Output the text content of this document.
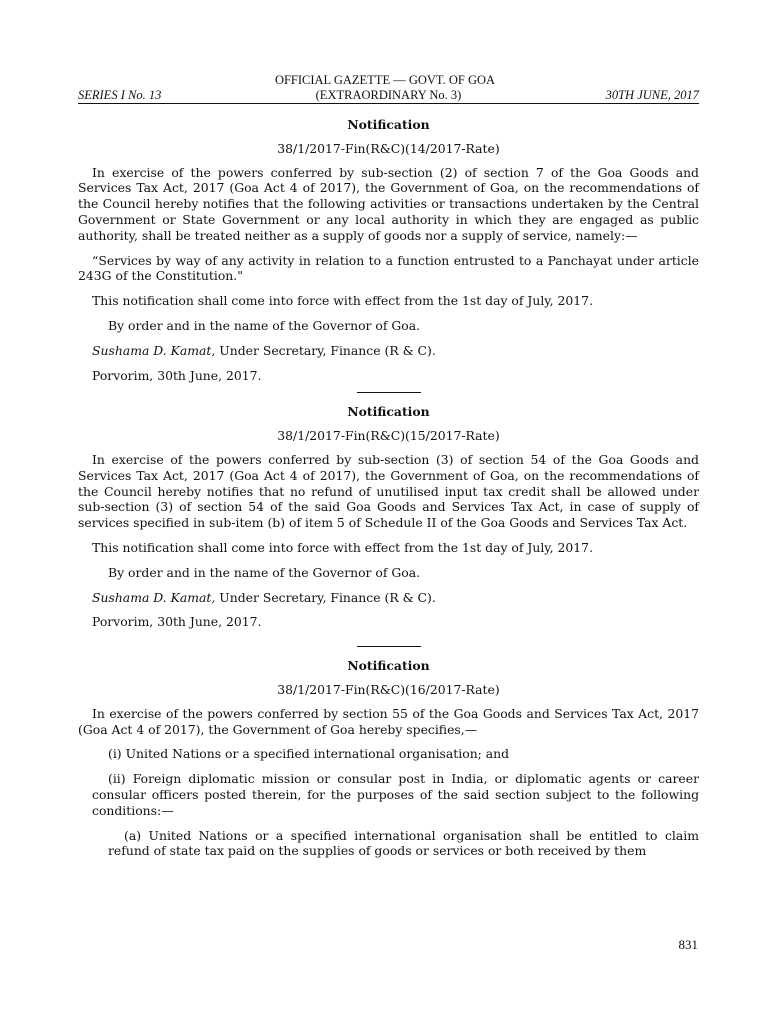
OFFICIAL GAZETTE — GOVT. OF GOA
(EXTRAORDINARY No. 3)
SERIES I No. 13	30TH JUNE, 2017

Notification

38/1/2017-Fin(R&C)(14/2017-Rate)

In exercise of the powers conferred by sub-section (2) of section 7 of the Goa Goods and Services Tax Act, 2017 (Goa Act 4 of 2017), the Government of Goa, on the recommendations of the Council hereby notifies that the following activities or transactions undertaken by the Central Government or State Government or any local authority in which they are engaged as public authority, shall be treated neither as a supply of goods nor a supply of service, namely:—

“Services by way of any activity in relation to a function entrusted to a Panchayat under article 243G of the Constitution."

This notification shall come into force with effect from the 1st day of July, 2017.

By order and in the name of the Governor of Goa.

Sushama D. Kamat, Under Secretary, Finance (R & C).

Porvorim, 30th June, 2017.

Notification

38/1/2017-Fin(R&C)(15/2017-Rate)

In exercise of the powers conferred by sub-section (3) of section 54 of the Goa Goods and Services Tax Act, 2017 (Goa Act 4 of 2017), the Government of Goa, on the recommendations of the Council hereby notifies that no refund of unutilised input tax credit shall be allowed under sub-section (3) of section 54 of the said Goa Goods and Services Tax Act, in case of supply of services specified in sub-item (b) of item 5 of Schedule II of the Goa Goods and Services Tax Act.

This notification shall come into force with effect from the 1st day of July, 2017.

By order and in the name of the Governor of Goa.

Sushama D. Kamat, Under Secretary, Finance (R & C).

Porvorim, 30th June, 2017.

Notification

38/1/2017-Fin(R&C)(16/2017-Rate)

In exercise of the powers conferred by section 55 of the Goa Goods and Services Tax Act, 2017 (Goa Act 4 of 2017), the Government of Goa hereby specifies,—

(i) United Nations or a specified international organisation; and

(ii) Foreign diplomatic mission or consular post in India, or diplomatic agents or career consular officers posted therein, for the purposes of the said section subject to the following conditions:—

(a) United Nations or a specified international organisation shall be entitled to claim refund of state tax paid on the supplies of goods or services or both received by them

831
